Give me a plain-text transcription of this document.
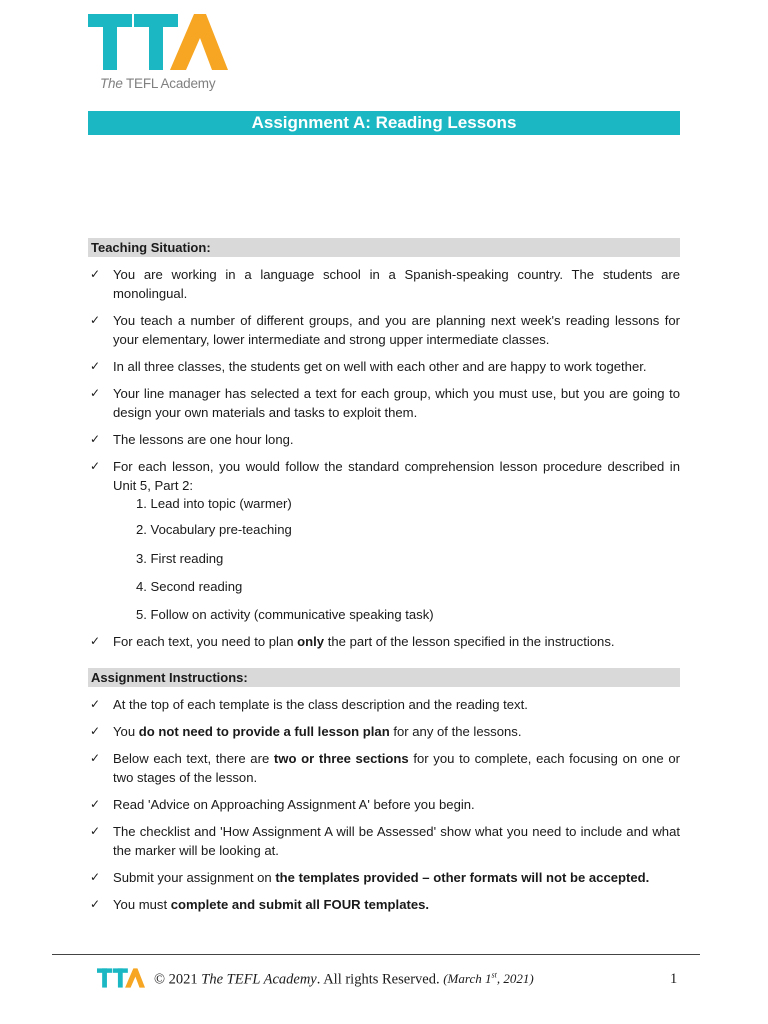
The TEFL Academy
Assignment A: Reading Lessons
Teaching Situation:
✓ You are working in a language school in a Spanish-speaking country. The students are monolingual.
✓ You teach a number of different groups, and you are planning next week's reading lessons for your elementary, lower intermediate and strong upper intermediate classes.
✓ In all three classes, the students get on well with each other and are happy to work together.
✓ Your line manager has selected a text for each group, which you must use, but you are going to design your own materials and tasks to exploit them.
✓ The lessons are one hour long.
✓ For each lesson, you would follow the standard comprehension lesson procedure described in Unit 5, Part 2:
1. Lead into topic (warmer)
2. Vocabulary pre-teaching
3. First reading
4. Second reading
5. Follow on activity (communicative speaking task)
✓ For each text, you need to plan only the part of the lesson specified in the instructions.
Assignment Instructions:
✓ At the top of each template is the class description and the reading text.
✓ You do not need to provide a full lesson plan for any of the lessons.
✓ Below each text, there are two or three sections for you to complete, each focusing on one or two stages of the lesson.
✓ Read 'Advice on Approaching Assignment A' before you begin.
✓ The checklist and 'How Assignment A will be Assessed' show what you need to include and what the marker will be looking at.
✓ Submit your assignment on the templates provided – other formats will not be accepted.
✓ You must complete and submit all FOUR templates.
© 2021 The TEFL Academy. All rights Reserved. (March 1st, 2021)	1
